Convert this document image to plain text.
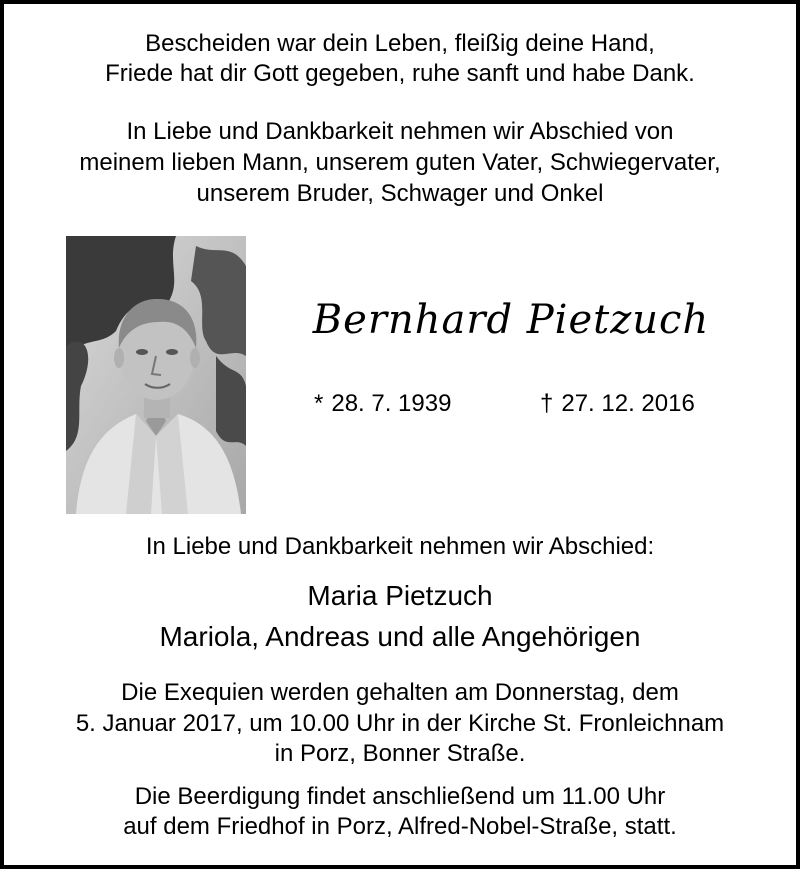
Bescheiden war dein Leben, fleißig deine Hand,
Friede hat dir Gott gegeben, ruhe sanft und habe Dank.
In Liebe und Dankbarkeit nehmen wir Abschied von
meinem lieben Mann, unserem guten Vater, Schwiegervater,
unserem Bruder, Schwager und Onkel
Bernhard Pietzuch
* 28. 7. 1939	† 27. 12. 2016
In Liebe und Dankbarkeit nehmen wir Abschied:
Maria Pietzuch
Mariola, Andreas und alle Angehörigen
Die Exequien werden gehalten am Donnerstag, dem
5. Januar 2017, um 10.00 Uhr in der Kirche St. Fronleichnam
in Porz, Bonner Straße.
Die Beerdigung findet anschließend um 11.00 Uhr
auf dem Friedhof in Porz, Alfred-Nobel-Straße, statt.
